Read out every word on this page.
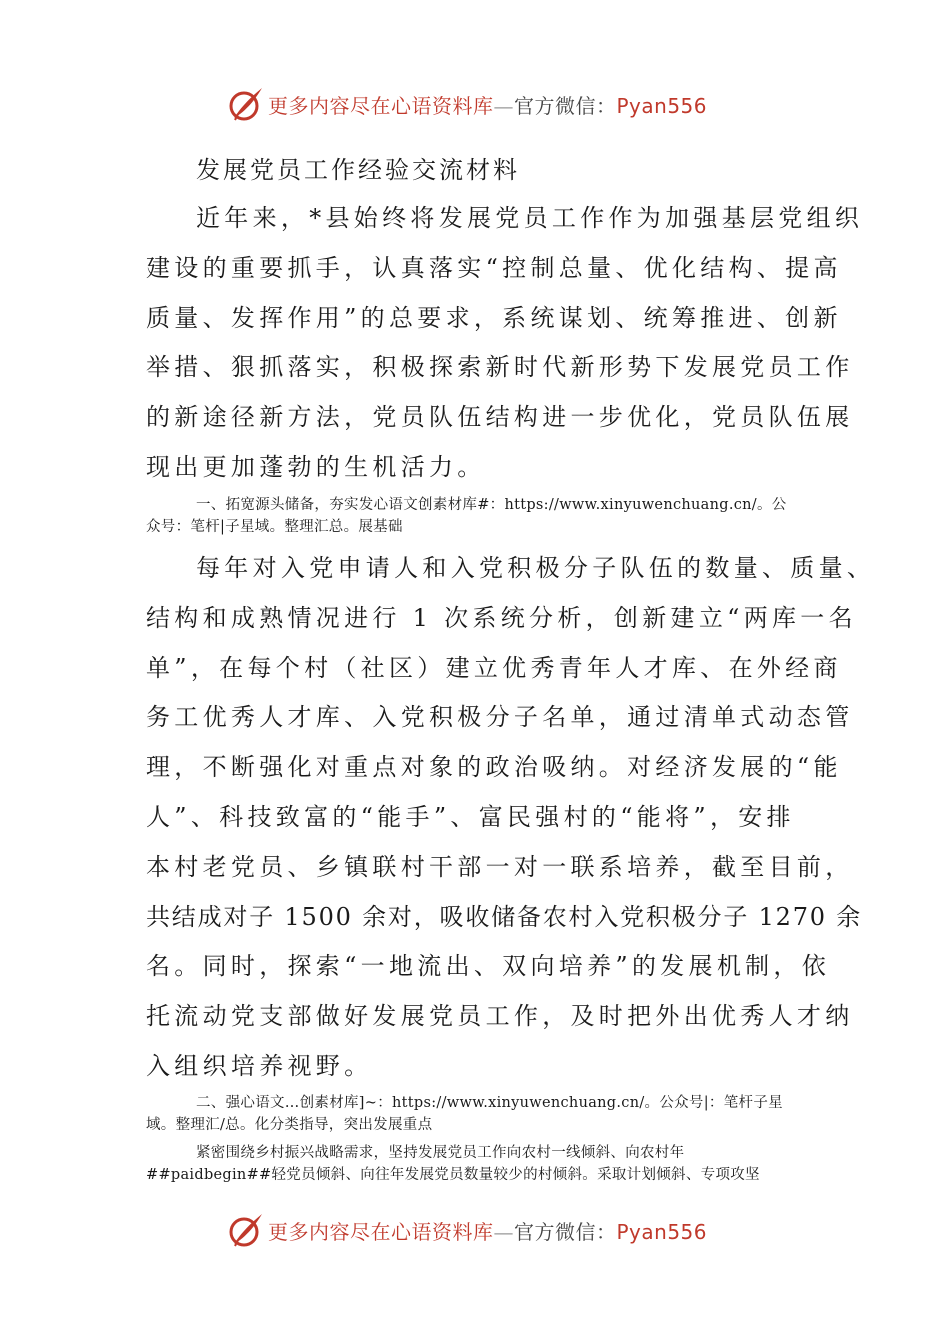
更多内容尽在心语资料库—官方微信：Pyan556
发展党员工作经验交流材料
近年来，*县始终将发展党员工作作为加强基层党组织
建设的重要抓手，认真落实“控制总量、优化结构、提高
质量、发挥作用”的总要求，系统谋划、统筹推进、创新
举措、狠抓落实，积极探索新时代新形势下发展党员工作
的新途径新方法，党员队伍结构进一步优化，党员队伍展
现出更加蓬勃的生机活力。
一、拓宽源头储备，夯实发心语文创素材库#：https://www.xinyuwenchuang.cn/。公
众号：笔杆|子星域。整理汇总。展基础
每年对入党申请人和入党积极分子队伍的数量、质量、
结构和成熟情况进行 1 次系统分析，创新建立“两库一名
单”，在每个村（社区）建立优秀青年人才库、在外经商
务工优秀人才库、入党积极分子名单，通过清单式动态管
理，不断强化对重点对象的政治吸纳。对经济发展的“能
人”、科技致富的“能手”、富民强村的“能将”，安排
本村老党员、乡镇联村干部一对一联系培养，截至目前，
共结成对子 1500 余对，吸收储备农村入党积极分子 1270 余
名。同时，探索“一地流出、双向培养”的发展机制，依
托流动党支部做好发展党员工作，及时把外出优秀人才纳
入组织培养视野。
二、强心语文…创素材库]~：https://www.xinyuwenchuang.cn/。公众号|：笔杆子星
域。整理汇/总。化分类指导，突出发展重点
紧密围绕乡村振兴战略需求，坚持发展党员工作向农村一线倾斜、向农村年
##paidbegin##轻党员倾斜、向往年发展党员数量较少的村倾斜。采取计划倾斜、专项攻坚
更多内容尽在心语资料库—官方微信：Pyan556
